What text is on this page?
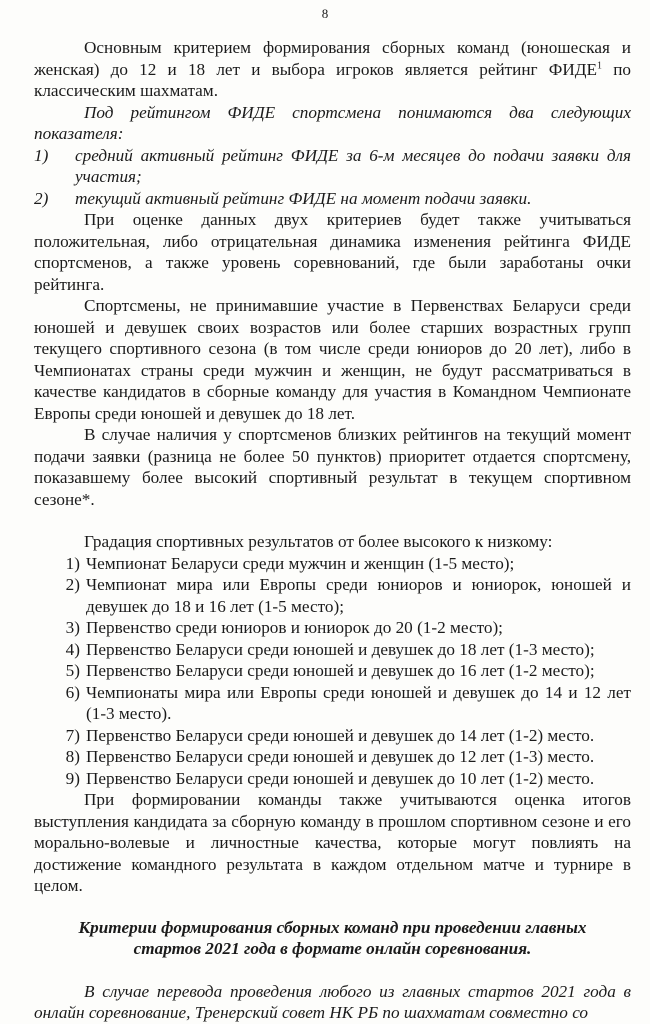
8

Основным критерием формирования сборных команд (юношеская и женская) до 12 и 18 лет и выбора игроков является рейтинг ФИДЕ$^1$ по классическим шахматам.

Под рейтингом ФИДЕ спортсмена понимаются два следующих показателя:

1)	средний активный рейтинг ФИДЕ за 6-м месяцев до подачи заявки для участия;
2)	текущий активный рейтинг ФИДЕ на момент подачи заявки.

При оценке данных двух критериев будет также учитываться положительная, либо отрицательная динамика изменения рейтинга ФИДЕ спортсменов, а также уровень соревнований, где были заработаны очки рейтинга.

Спортсмены, не принимавшие участие в Первенствах Беларуси среди юношей и девушек своих возрастов или более старших возрастных групп текущего спортивного сезона (в том числе среди юниоров до 20 лет), либо в Чемпионатах страны среди мужчин и женщин, не будут рассматриваться в качестве кандидатов в сборные команду для участия в Командном Чемпионате Европы среди юношей и девушек до 18 лет.

В случае наличия у спортсменов близких рейтингов на текущий момент подачи заявки (разница не более 50 пунктов) приоритет отдается спортсмену, показавшему более высокий спортивный результат в текущем спортивном сезоне*.

Градация спортивных результатов от более высокого к низкому:

1) Чемпионат Беларуси среди мужчин и женщин (1-5 место);
2) Чемпионат мира или Европы среди юниоров и юниорок, юношей и девушек до 18 и 16 лет (1-5 место);
3) Первенство среди юниоров и юниорок до 20 (1-2 место);
4) Первенство Беларуси среди юношей и девушек до 18 лет (1-3 место);
5) Первенство Беларуси среди юношей и девушек до 16 лет (1-2 место);
6) Чемпионаты мира или Европы среди юношей и девушек до 14 и 12 лет (1-3 место).
7) Первенство Беларуси среди юношей и девушек до 14 лет (1-2) место.
8) Первенство Беларуси среди юношей и девушек до 12 лет (1-3) место.
9) Первенство Беларуси среди юношей и девушек до 10 лет (1-2) место.

При формировании команды также учитываются оценка итогов выступления кандидата за сборную команду в прошлом спортивном сезоне и его морально-волевые и личностные качества, которые могут повлиять на достижение командного результата в каждом отдельном матче и турнире в целом.

Критерии формирования сборных команд при проведении главных
стартов 2021 года в формате онлайн соревнования.

В случае перевода проведения любого из главных стартов 2021 года в онлайн соревнование, Тренерский совет НК РБ по шахматам совместно со
